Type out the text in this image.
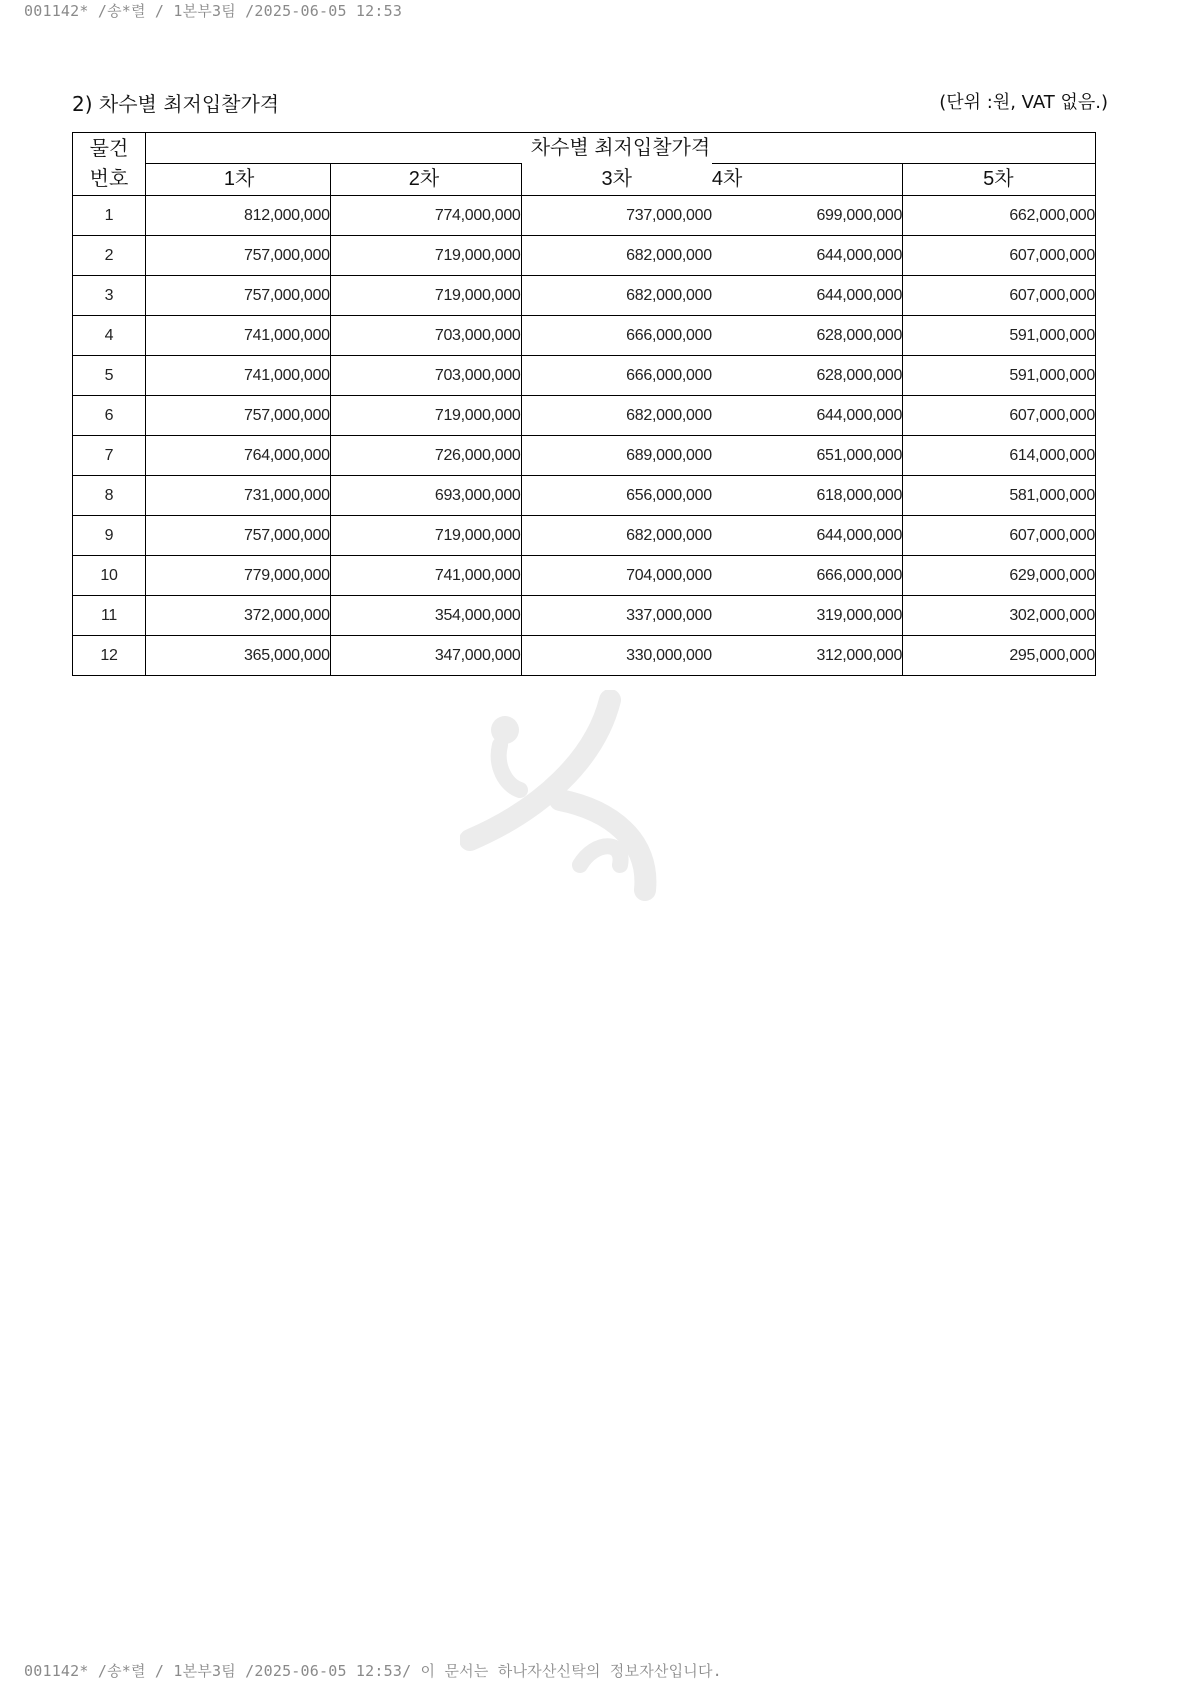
001142* /송*렬 / 1본부3팀 /2025-06-05 12:53
2) 차수별 최저입찰가격	(단위 :원, VAT 없음.)
물건
번호	차수별 최저입찰가격				
	1차	2차	3차	4차	5차
1	812,000,000	774,000,000	737,000,000	699,000,000	662,000,000
2	757,000,000	719,000,000	682,000,000	644,000,000	607,000,000
3	757,000,000	719,000,000	682,000,000	644,000,000	607,000,000
4	741,000,000	703,000,000	666,000,000	628,000,000	591,000,000
5	741,000,000	703,000,000	666,000,000	628,000,000	591,000,000
6	757,000,000	719,000,000	682,000,000	644,000,000	607,000,000
7	764,000,000	726,000,000	689,000,000	651,000,000	614,000,000
8	731,000,000	693,000,000	656,000,000	618,000,000	581,000,000
9	757,000,000	719,000,000	682,000,000	644,000,000	607,000,000
10	779,000,000	741,000,000	704,000,000	666,000,000	629,000,000
11	372,000,000	354,000,000	337,000,000	319,000,000	302,000,000
12	365,000,000	347,000,000	330,000,000	312,000,000	295,000,000
001142* /송*렬 / 1본부3팀 /2025-06-05 12:53/ 이 문서는 하나자산신탁의 정보자산입니다.
